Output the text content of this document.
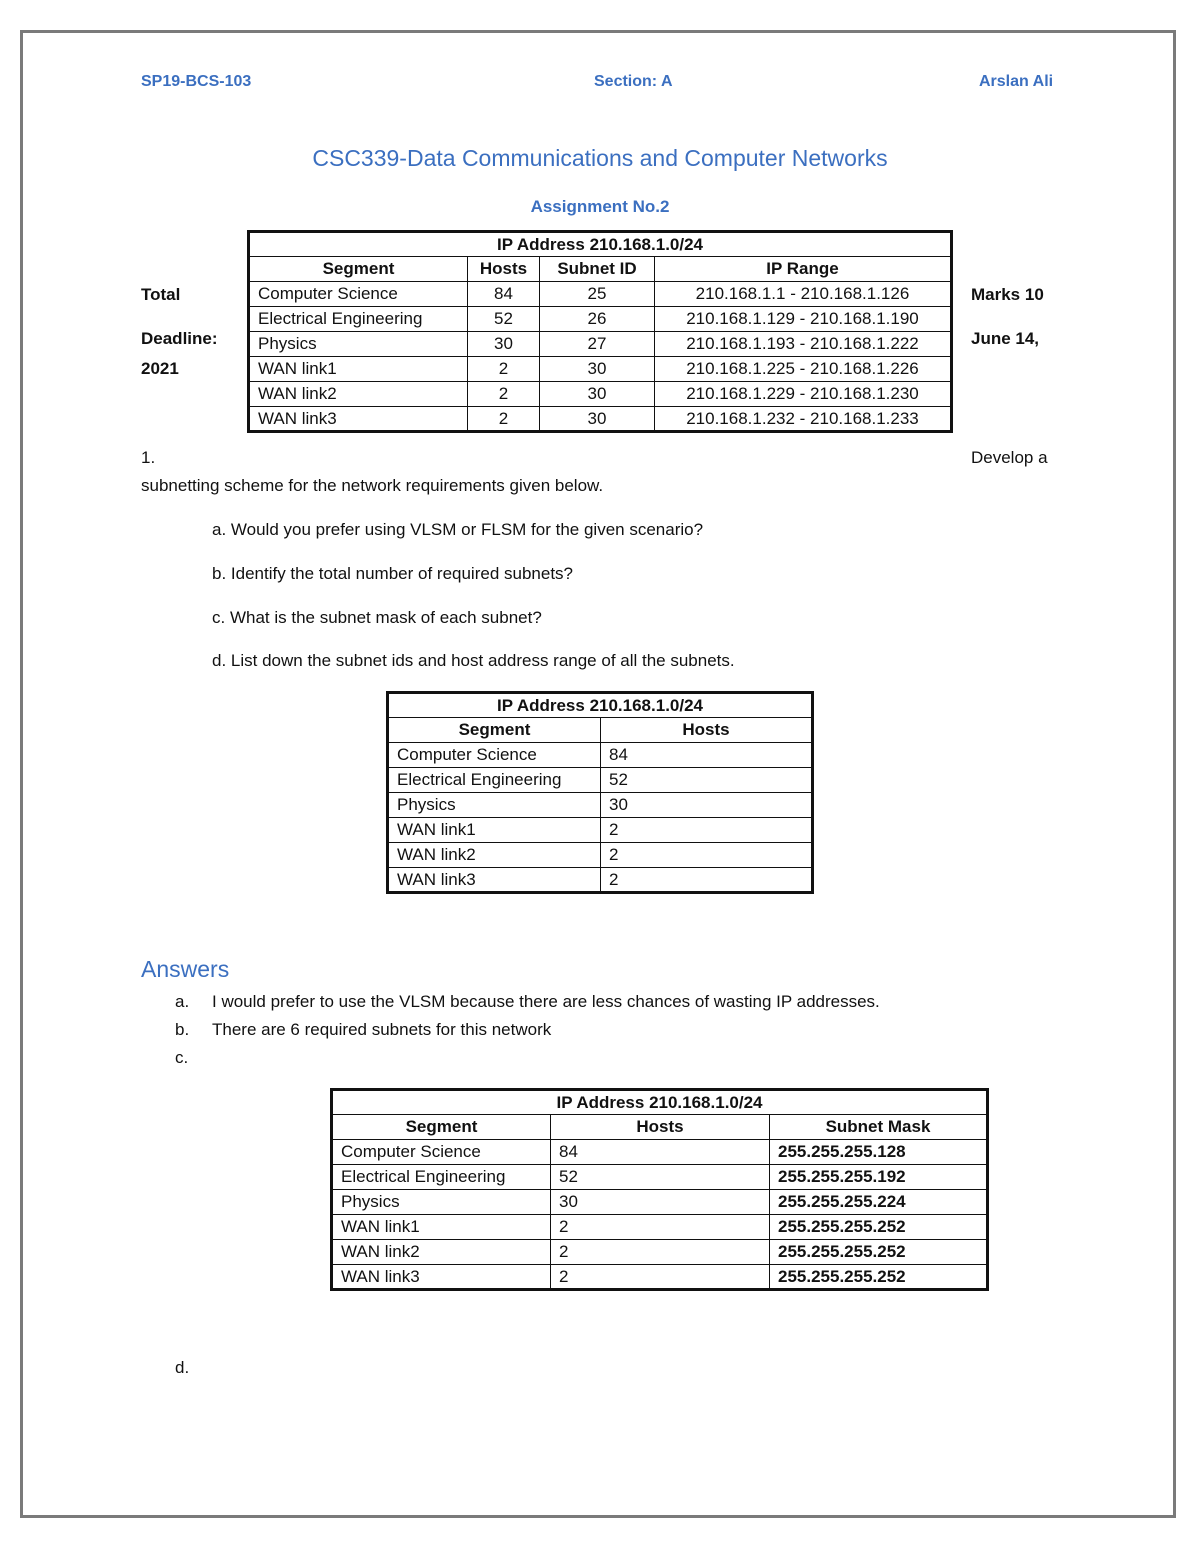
SP19-BCS-103	Section: A	Arslan Ali
CSC339-Data Communications and Computer Networks
Assignment No.2
Total	Marks 10
Deadline:	June 14,
2021
IP Address 210.168.1.0/24			
Segment	Hosts	Subnet ID	IP Range
Computer Science	84	25	210.168.1.1 - 210.168.1.126
Electrical Engineering	52	26	210.168.1.129 - 210.168.1.190
Physics	30	27	210.168.1.193 - 210.168.1.222
WAN link1	2	30	210.168.1.225 - 210.168.1.226
WAN link2	2	30	210.168.1.229 - 210.168.1.230
WAN link3	2	30	210.168.1.232 - 210.168.1.233
1.	Develop a
subnetting scheme for the network requirements given below.
a. Would you prefer using VLSM or FLSM for the given scenario?
b. Identify the total number of required subnets?
c. What is the subnet mask of each subnet?
d. List down the subnet ids and host address range of all the subnets.
IP Address 210.168.1.0/24	
Segment	Hosts
Computer Science	84
Electrical Engineering	52
Physics	30
WAN link1	2
WAN link2	2
WAN link3	2
Answers
a. I would prefer to use the VLSM because there are less chances of wasting IP addresses.
b. There are 6 required subnets for this network
c.
IP Address 210.168.1.0/24		
Segment	Hosts	Subnet Mask
Computer Science	84	255.255.255.128
Electrical Engineering	52	255.255.255.192
Physics	30	255.255.255.224
WAN link1	2	255.255.255.252
WAN link2	2	255.255.255.252
WAN link3	2	255.255.255.252
d.
